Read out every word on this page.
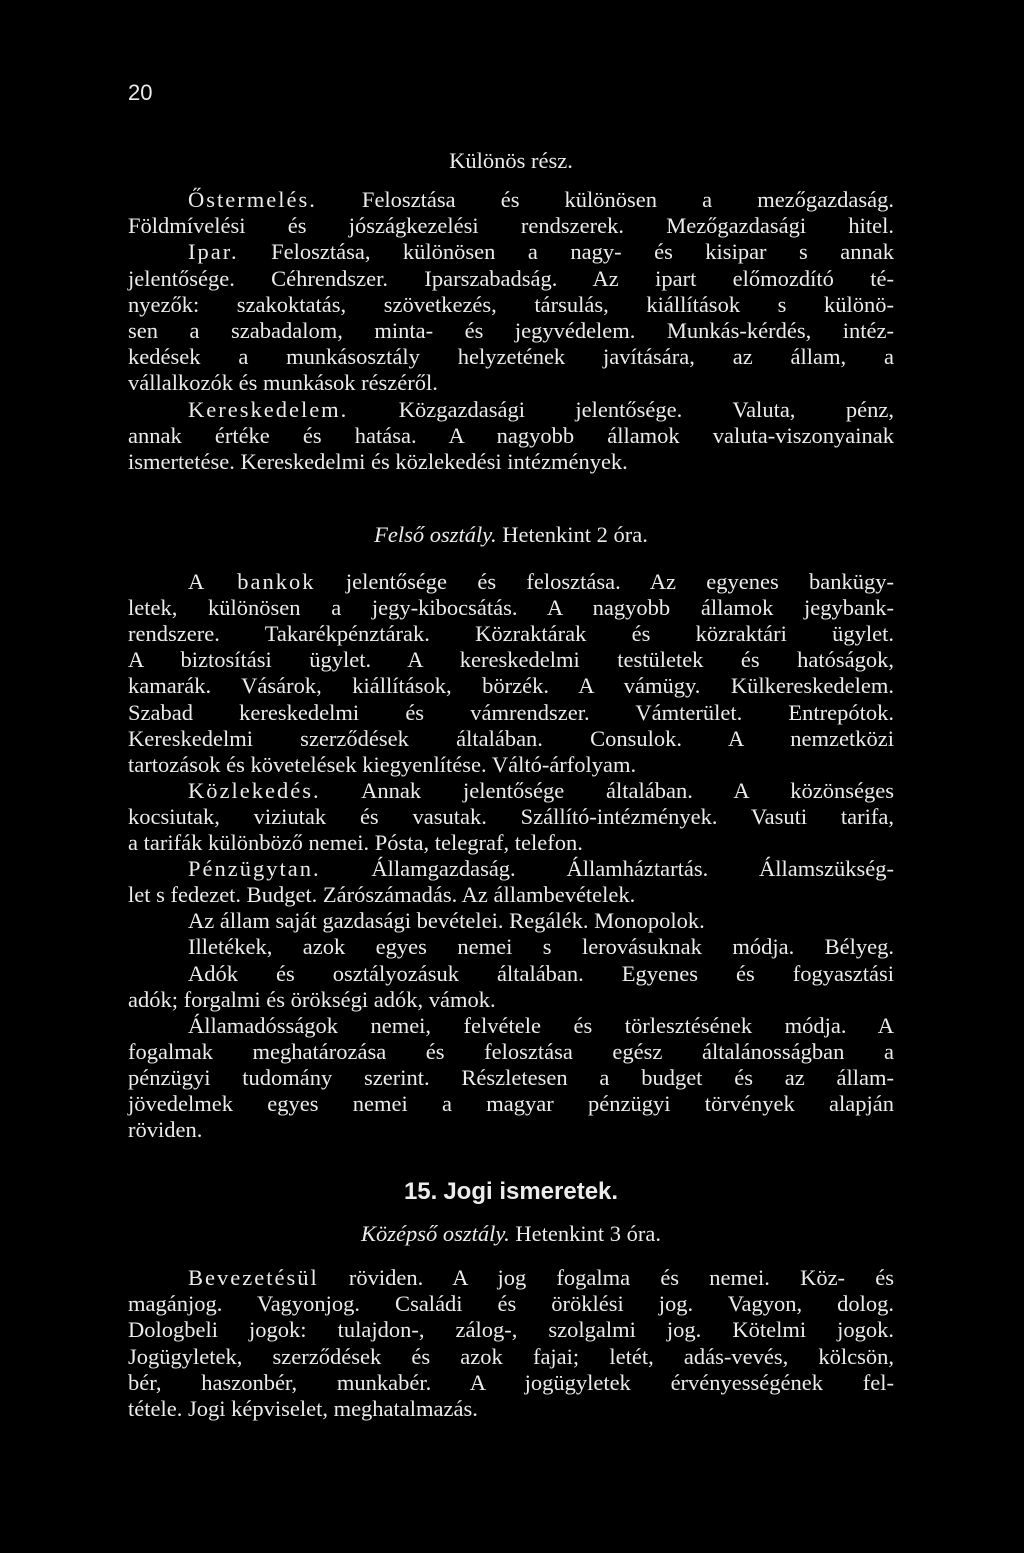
20
Különös rész.
Őstermelés. Felosztása és különösen a mezőgazdaság.
Földmívelési és jószágkezelési rendszerek. Mezőgazdasági hitel.
Ipar. Felosztása, különösen a nagy- és kisipar s annak
jelentősége. Céhrendszer. Iparszabadság. Az ipart előmozdító té-
nyezők: szakoktatás, szövetkezés, társulás, kiállítások s különö-
sen a szabadalom, minta- és jegyvédelem. Munkás-kérdés, intéz-
kedések a munkásosztály helyzetének javítására, az állam, a
vállalkozók és munkások részéről.
Kereskedelem. Közgazdasági jelentősége. Valuta, pénz,
annak értéke és hatása. A nagyobb államok valuta-viszonyainak
ismertetése. Kereskedelmi és közlekedési intézmények.
Felső osztály. Hetenkint 2 óra.
A bankok jelentősége és felosztása. Az egyenes bankügy-
letek, különösen a jegy-kibocsátás. A nagyobb államok jegybank-
rendszere. Takarékpénztárak. Közraktárak és közraktári ügylet.
A biztosítási ügylet. A kereskedelmi testületek és hatóságok,
kamarák. Vásárok, kiállítások, börzék. A vámügy. Külkereskedelem.
Szabad kereskedelmi és vámrendszer. Vámterület. Entrepótok.
Kereskedelmi szerződések általában. Consulok. A nemzetközi
tartozások és követelések kiegyenlítése. Váltó-árfolyam.
Közlekedés. Annak jelentősége általában. A közönséges
kocsiutak, viziutak és vasutak. Szállító-intézmények. Vasuti tarifa,
a tarifák különböző nemei. Pósta, telegraf, telefon.
Pénzügytan. Államgazdaság. Államháztartás. Államszükség-
let s fedezet. Budget. Zárószámadás. Az állambevételek.
Az állam saját gazdasági bevételei. Regálék. Monopolok.
Illetékek, azok egyes nemei s lerovásuknak módja. Bélyeg.
Adók és osztályozásuk általában. Egyenes és fogyasztási
adók; forgalmi és örökségi adók, vámok.
Államadósságok nemei, felvétele és törlesztésének módja. A
fogalmak meghatározása és felosztása egész általánosságban a
pénzügyi tudomány szerint. Részletesen a budget és az állam-
jövedelmek egyes nemei a magyar pénzügyi törvények alapján
röviden.
15. Jogi ismeretek.
Középső osztály. Hetenkint 3 óra.
Bevezetésül röviden. A jog fogalma és nemei. Köz- és
magánjog. Vagyonjog. Családi és öröklési jog. Vagyon, dolog.
Dologbeli jogok: tulajdon-, zálog-, szolgalmi jog. Kötelmi jogok.
Jogügyletek, szerződések és azok fajai; letét, adás-vevés, kölcsön,
bér, haszonbér, munkabér. A jogügyletek érvényességének fel-
tétele. Jogi képviselet, meghatalmazás.
